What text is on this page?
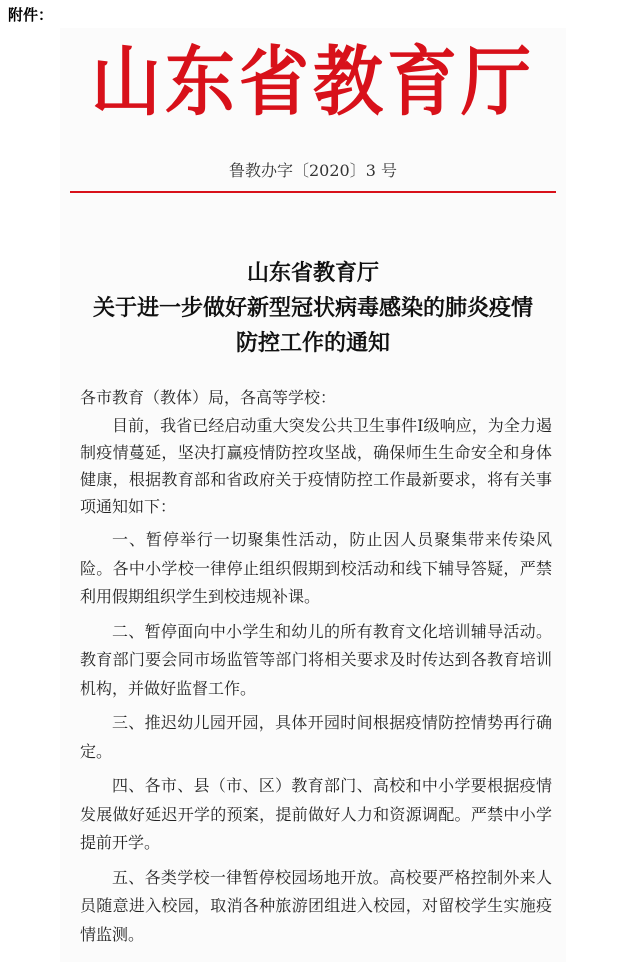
附件：
山东省教育厅
鲁教办字〔2020〕3 号
山东省教育厅
关于进一步做好新型冠状病毒感染的肺炎疫情
防控工作的通知

各市教育（教体）局，各高等学校：

目前，我省已经启动重大突发公共卫生事件Ⅰ级响应，为全力遏制疫情蔓延，坚决打赢疫情防控攻坚战，确保师生生命安全和身体健康，根据教育部和省政府关于疫情防控工作最新要求，将有关事项通知如下：

一、暂停举行一切聚集性活动，防止因人员聚集带来传染风险。各中小学校一律停止组织假期到校活动和线下辅导答疑，严禁利用假期组织学生到校违规补课。

二、暂停面向中小学生和幼儿的所有教育文化培训辅导活动。教育部门要会同市场监管等部门将相关要求及时传达到各教育培训机构，并做好监督工作。

三、推迟幼儿园开园，具体开园时间根据疫情防控情势再行确定。

四、各市、县（市、区）教育部门、高校和中小学要根据疫情发展做好延迟开学的预案，提前做好人力和资源调配。严禁中小学提前开学。

五、各类学校一律暂停校园场地开放。高校要严格控制外来人员随意进入校园，取消各种旅游团组进入校园，对留校学生实施疫情监测。
